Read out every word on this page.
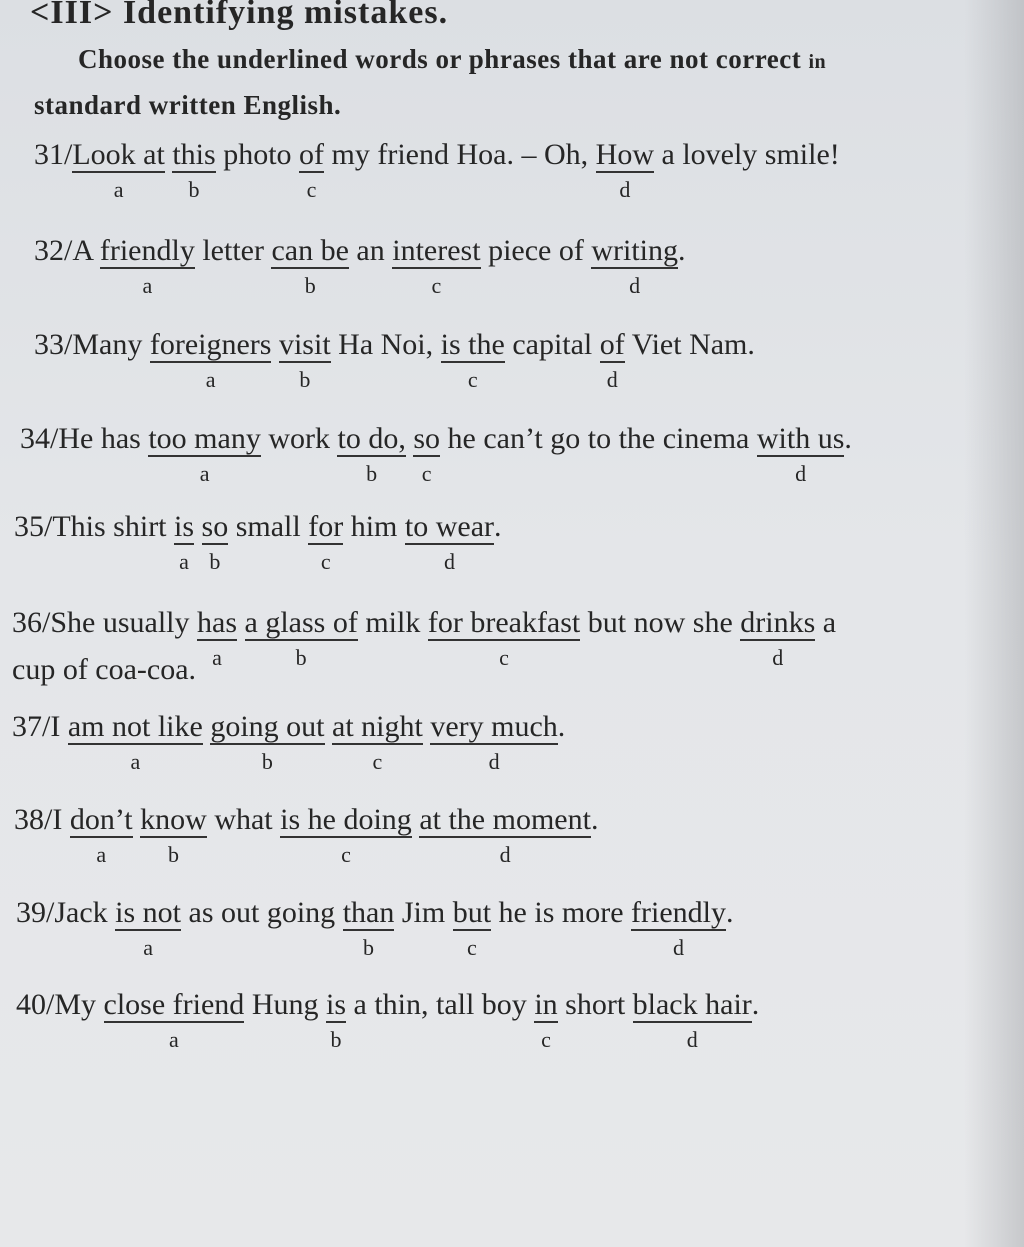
<III> Identifying mistakes.
Choose the underlined words or phrases that are not correct in
standard written English.
31/Look at
a
this
b
photo of
c
my friend Hoa. – Oh, How
d
a lovely smile!
32/A friendly
a
letter can be
b
an interest
c
piece of writing
d
.
33/Many foreigners
a
visit
b
Ha Noi, is the
c
capital of
d
Viet Nam.
34/He has too many
a
work to do,
b
so
c
he can’t go to the cinema with us
d
.
35/This shirt is
a
so
b
small for
c
him to wear
d
.
36/She usually has
a
a glass of
b
milk for breakfast
c
but now she drinks
d
a
cup of coa-coa.
37/I am not like
a
going out
b
at night
c
very much
d
.
38/I don’t
a
know
b
what is he doing
c
at the moment
d
.
39/Jack is not
a
as out going than
b
Jim but
c
he is more friendly
d
.
40/My close friend
a
Hung is
b
a thin, tall boy in
c
short black hair
d
.
